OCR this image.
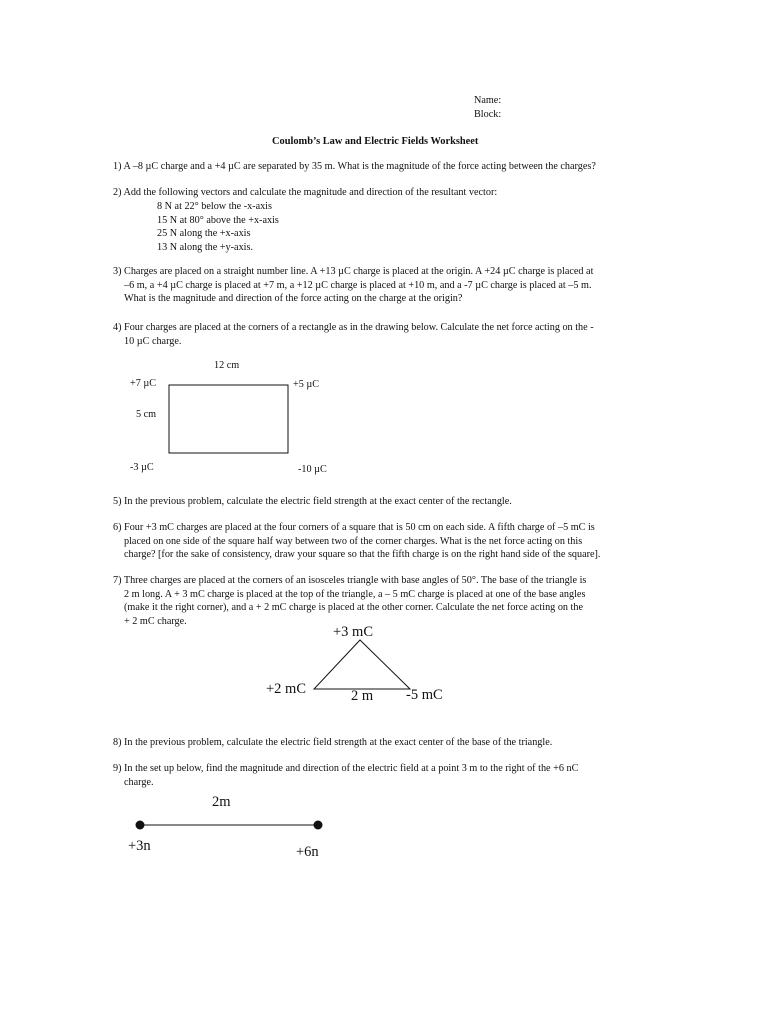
Name:
Block:
Coulomb’s Law and Electric Fields Worksheet
1) A –8 µC charge and a +4 µC are separated by 35 m. What is the magnitude of the force acting between the charges?
2) Add the following vectors and calculate the magnitude and direction of the resultant vector:
8 N at 22° below the -x-axis
15 N at 80° above the +x-axis
25 N along the +x-axis
13 N along the +y-axis.
3) Charges are placed on a straight number line. A +13 µC charge is placed at the origin. A +24 µC charge is placed at
–6 m, a +4 µC charge is placed at +7 m, a +12 µC charge is placed at +10 m, and a -7 µC charge is placed at –5 m.
What is the magnitude and direction of the force acting on the charge at the origin?
4) Four charges are placed at the corners of a rectangle as in the drawing below. Calculate the net force acting on the -
10 µC charge.
12 cm
+7 µC	+5 µC
5 cm
-3 µC	-10 µC
5) In the previous problem, calculate the electric field strength at the exact center of the rectangle.
6) Four +3 mC charges are placed at the four corners of a square that is 50 cm on each side. A fifth charge of –5 mC is
placed on one side of the square half way between two of the corner charges. What is the net force acting on this
charge? [for the sake of consistency, draw your square so that the fifth charge is on the right hand side of the square].
7) Three charges are placed at the corners of an isosceles triangle with base angles of 50°. The base of the triangle is
2 m long. A + 3 mC charge is placed at the top of the triangle, a – 5 mC charge is placed at one of the base angles
(make it the right corner), and a + 2 mC charge is placed at the other corner. Calculate the net force acting on the
+ 2 mC charge.
+3 mC
+2 mC	2 m -5 mC
8) In the previous problem, calculate the electric field strength at the exact center of the base of the triangle.
9) In the set up below, find the magnitude and direction of the electric field at a point 3 m to the right of the +6 nC
charge.
2m
+3n	+6n
